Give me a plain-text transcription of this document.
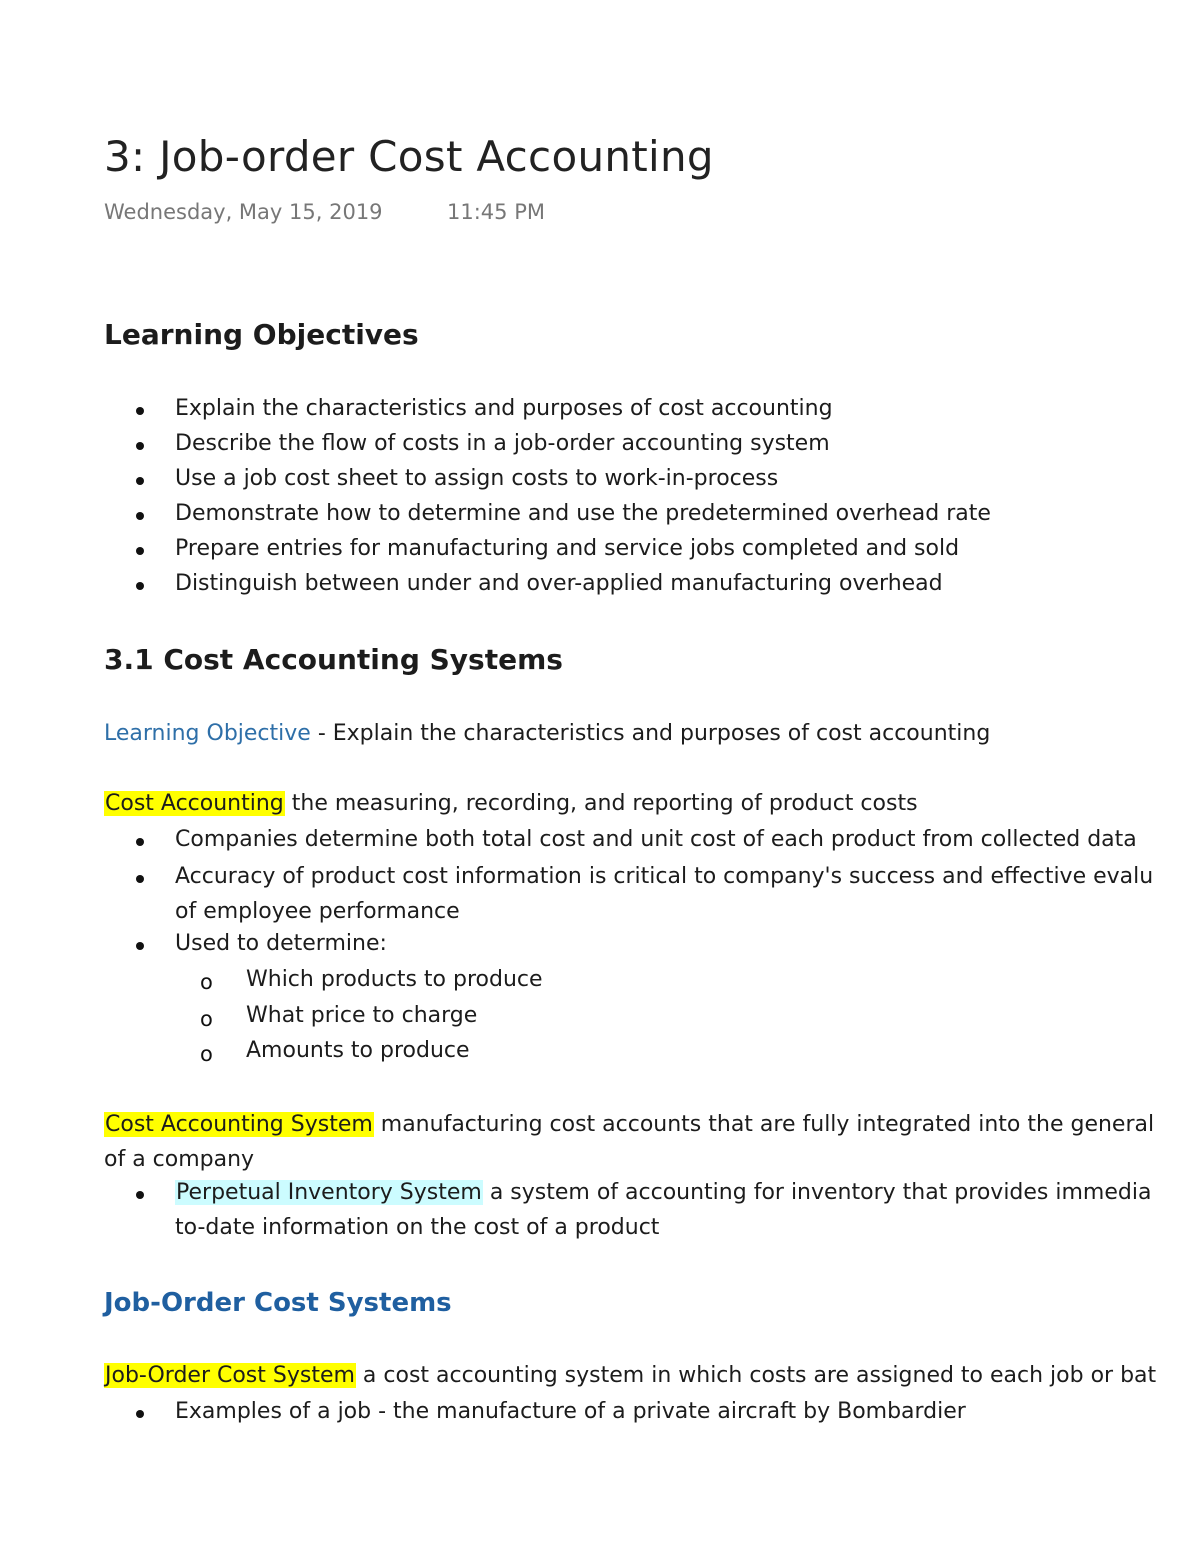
3: Job-order Cost Accounting
Wednesday, May 15, 2019	11:45 PM
Learning Objectives
Explain the characteristics and purposes of cost accounting
Describe the flow of costs in a job-order accounting system
Use a job cost sheet to assign costs to work-in-process
Demonstrate how to determine and use the predetermined overhead rate
Prepare entries for manufacturing and service jobs completed and sold
Distinguish between under and over-applied manufacturing overhead
3.1 Cost Accounting Systems
Learning Objective - Explain the characteristics and purposes of cost accounting
Cost Accounting the measuring, recording, and reporting of product costs
Companies determine both total cost and unit cost of each product from collected data
Accuracy of product cost information is critical to company's success and effective evalu
of employee performance
Used to determine:
o Which products to produce
o What price to charge
o Amounts to produce
Cost Accounting System manufacturing cost accounts that are fully integrated into the general
of a company
Perpetual Inventory System a system of accounting for inventory that provides immedia
to-date information on the cost of a product
Job-Order Cost Systems
Job-Order Cost System a cost accounting system in which costs are assigned to each job or bat
Examples of a job - the manufacture of a private aircraft by Bombardier
